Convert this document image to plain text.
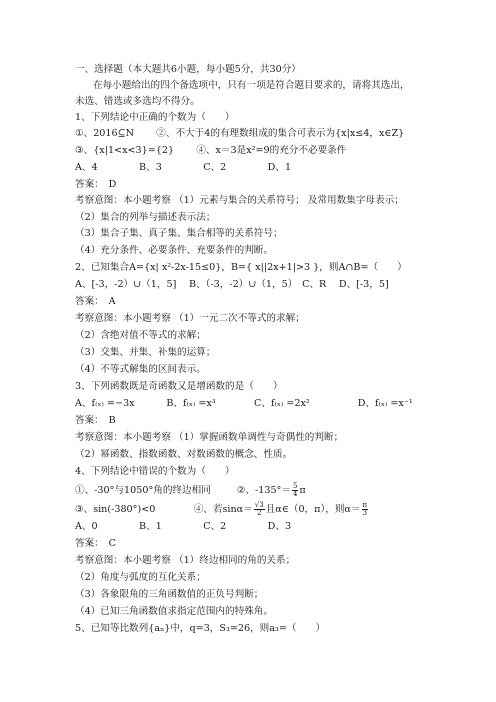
一、选择题（本大题共6小题，每小题5分，共30分）
在每小题给出的四个备选项中，只有一项是符合题目要求的，请将其选出，
未选、错选或多选均不得分。
1、下列结论中正确的个数为（　　）
①、2016⊆N　　 ②、不大于4的有理数组成的集合可表示为{x|x≤4，x∈Z}
③、{x|1<x<3}={2}　　 ④、x＝3是x²=9的充分不必要条件
A、4　　　　 B、3　　　　 C、2　　　　 D、1
答案：　D
考察意图：本小题考察 （1）元素与集合的关系符号； 及常用数集字母表示；
（2）集合的列举与描述表示法；
（3）集合子集、真子集、集合相等的关系符号；
（4）充分条件、必要条件、充要条件的判断。
2、已知集合A={x| x²-2x-15≤0}，B={ x||2x+1|>3 }，则A∩B=（　　）
A、[-3，-2）∪（1，5]　 B、（-3，-2）∪（1，5）　C、R　 D、[-3，5]
答案：　A
考察意图：本小题考察 （1）一元二次不等式的求解；
（2）含绝对值不等式的求解；
（3）交集、并集、补集的运算；
（4）不等式解集的区间表示。
3、下列函数既是奇函数又是增函数的是（　　）
A、f₍ₓ₎ =−3x　　　 B、f₍ₓ₎ =x³　　　　C、f₍ₓ₎ =2x²　　　　　D、f₍ₓ₎ =x⁻¹
答案：　B
考察意图：本小题考察 （1）掌握函数单调性与奇偶性的判断；
（2）幂函数、指数函数、对数函数的概念、性质。
4、下列结论中错误的个数为（　　）
①、-30°与1050°角的终边相同	②、$-135^\circ= \frac{5}{4}$ π
③、sin(-380°)<0　　　　④、若$\sin\alpha= \frac{√3}{2}$ 且α∈（0，π），则$\alpha= \frac{\pi}{3}$
A、0　　　　 B、1　　　　 C、2　　　　 D、3
答案：　C
考察意图：本小题考察 （1）终边相同的角的关系；
（2）角度与弧度的互化关系；
（3）各象限角的三角函数值的正负号判断；
（4）已知三角函数值求指定范围内的特殊角。
5、已知等比数列{aₙ}中，q=3，S₃=26，则a₃=（　　）
